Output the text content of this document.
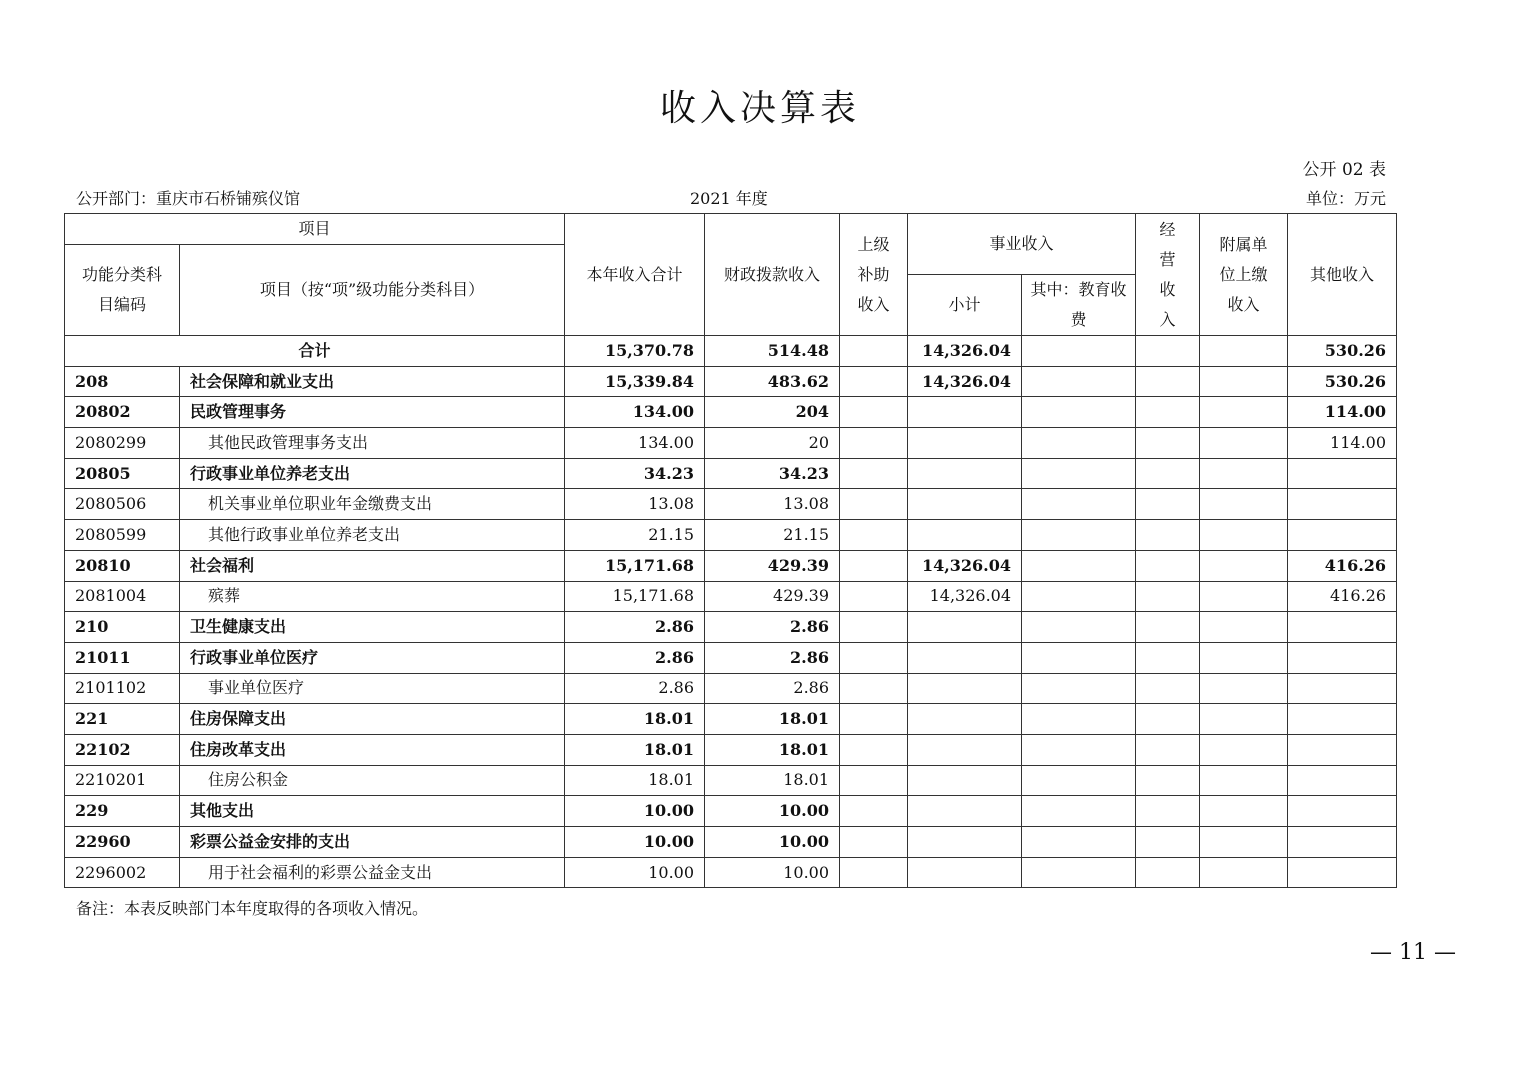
收入决算表
公开 02 表
公开部门：重庆市石桥铺殡仪馆	2021 年度	单位：万元
项目		本年收入合计	财政拨款收入	上级补助收入	事业收入		经营收入	附属单位上缴收入	其他收入
功能分类科目编码	项目（按“项”级功能分类科目）								
					小计	其中：教育收费			
合计		15,370.78	514.48		14,326.04				530.26
208	社会保障和就业支出	15,339.84	483.62		14,326.04				530.26
20802	民政管理事务	134.00	204						114.00
2080299	其他民政管理事务支出	134.00	20						114.00
20805	行政事业单位养老支出	34.23	34.23						
2080506	机关事业单位职业年金缴费支出	13.08	13.08						
2080599	其他行政事业单位养老支出	21.15	21.15						
20810	社会福利	15,171.68	429.39		14,326.04				416.26
2081004	殡葬	15,171.68	429.39		14,326.04				416.26
210	卫生健康支出	2.86	2.86						
21011	行政事业单位医疗	2.86	2.86						
2101102	事业单位医疗	2.86	2.86						
221	住房保障支出	18.01	18.01						
22102	住房改革支出	18.01	18.01						
2210201	住房公积金	18.01	18.01						
229	其他支出	10.00	10.00						
22960	彩票公益金安排的支出	10.00	10.00						
2296002	用于社会福利的彩票公益金支出	10.00	10.00						
备注：本表反映部门本年度取得的各项收入情况。
— 11 —
